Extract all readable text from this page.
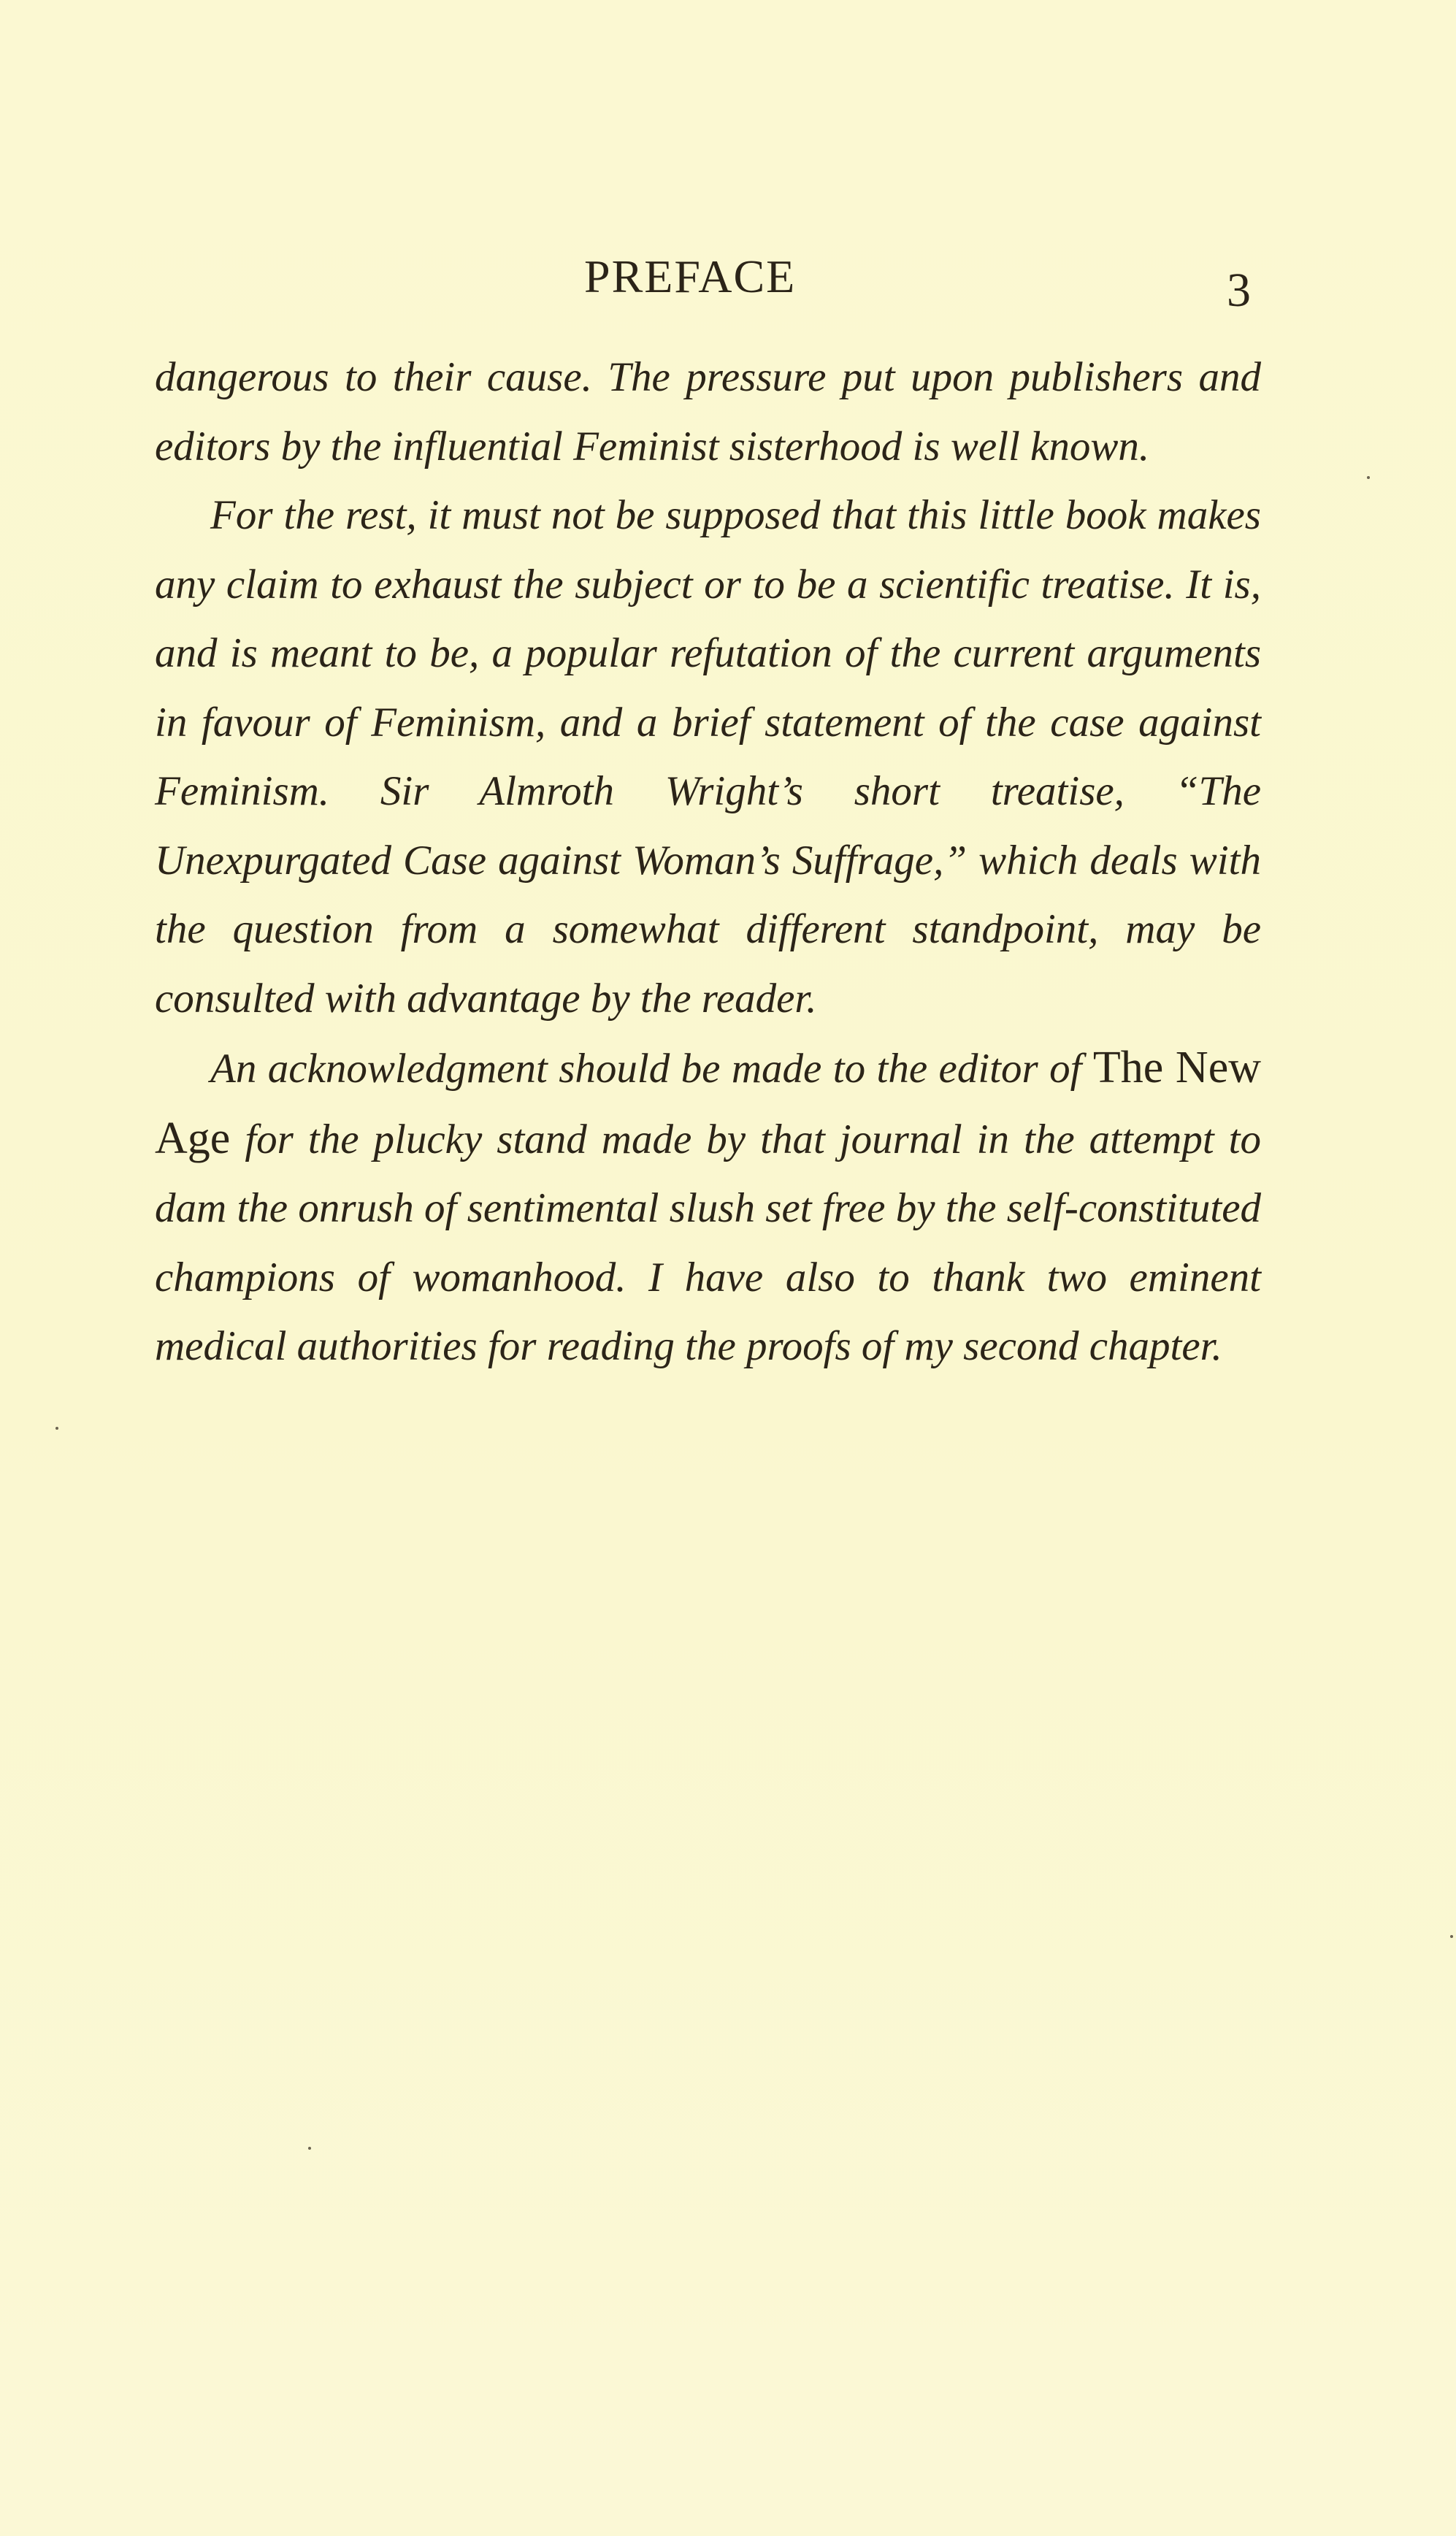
PREFACE	3

dangerous to their cause. The pressure put upon publishers and editors by the influential Feminist sisterhood is well known.

For the rest, it must not be supposed that this little book makes any claim to exhaust the subject or to be a scientific treatise. It is, and is meant to be, a popular refutation of the current arguments in favour of Feminism, and a brief statement of the case against Feminism. Sir Almroth Wright’s short treatise, “The Unexpurgated Case against Woman’s Suffrage,” which deals with the question from a somewhat different standpoint, may be consulted with advantage by the reader.

An acknowledgment should be made to the editor of The New Age for the plucky stand made by that journal in the attempt to dam the onrush of sentimental slush set free by the self-constituted champions of womanhood. I have also to thank two eminent medical authorities for reading the proofs of my second chapter.
